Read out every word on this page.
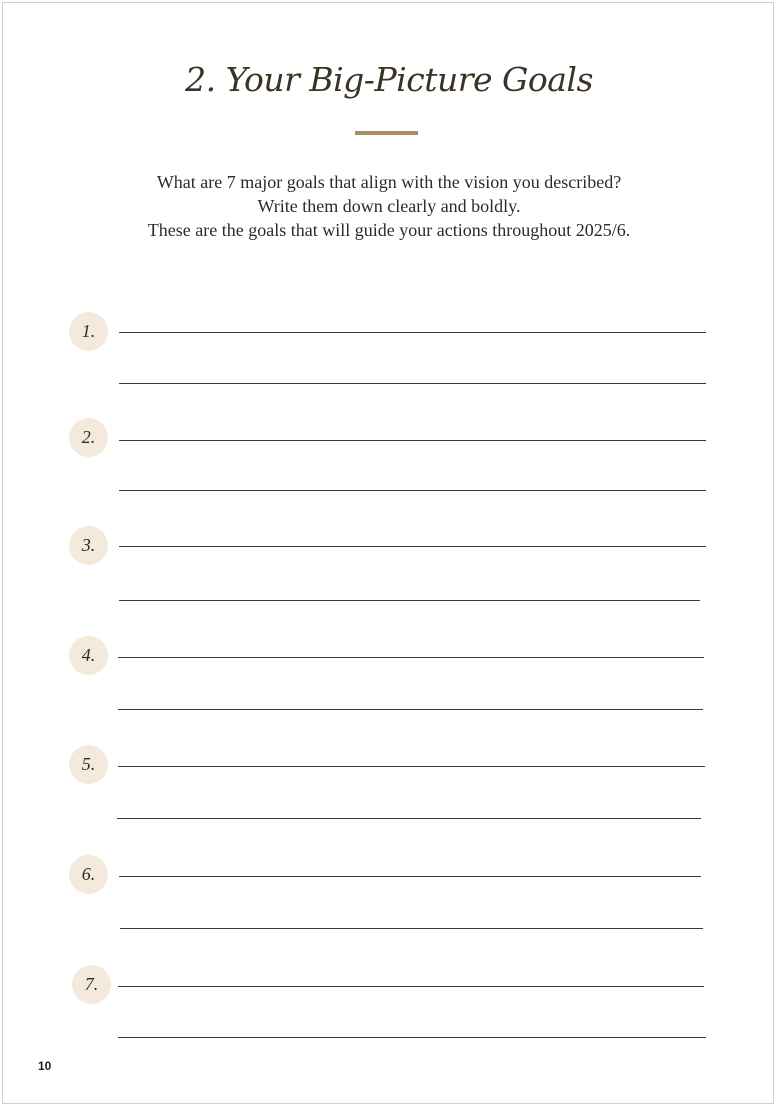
2. Your Big-Picture Goals
What are 7 major goals that align with the vision you described?
Write them down clearly and boldly.
These are the goals that will guide your actions throughout 2025/6.
1.
2.
3.
4.
5.
6.
7.
10
